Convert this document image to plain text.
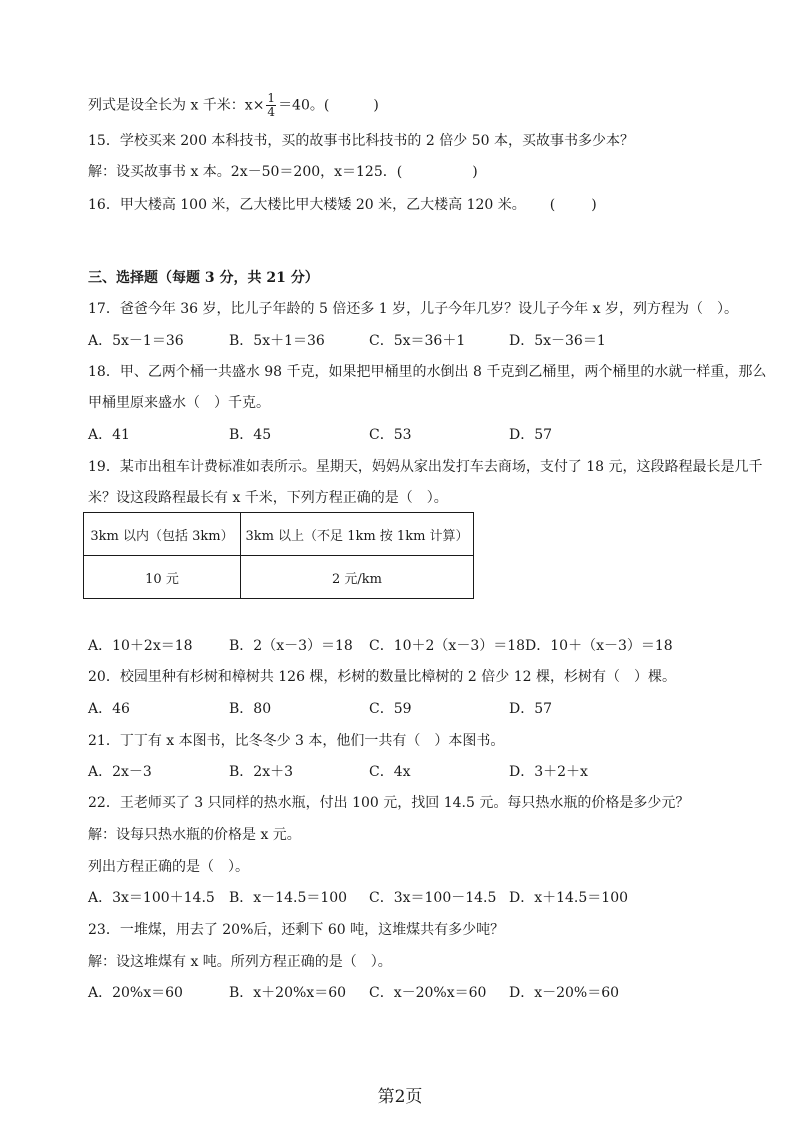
列式是设全长为 x 千米：$x\times \frac{1}{4} =40$。(	)
15．学校买来 200 本科技书，买的故事书比科技书的 2 倍少 50 本，买故事书多少本？
解：设买故事书 x 本。2x－50＝200，x＝125．(	)
16．甲大楼高 100 米，乙大楼比甲大楼矮 20 米，乙大楼高 120 米。 (	)
三、选择题（每题 3 分，共 21 分）
17．爸爸今年 36 岁，比儿子年龄的 5 倍还多 1 岁，儿子今年几岁？设儿子今年 x 岁，列方程为（　）。
A．5x－1＝36	B．5x＋1＝36	C．5x＝36＋1	D．5x－36＝1
18．甲、乙两个桶一共盛水 98 千克，如果把甲桶里的水倒出 8 千克到乙桶里，两个桶里的水就一样重，那么
甲桶里原来盛水（　）千克。
A．41	B．45	C．53	D．57
19．某市出租车计费标准如表所示。星期天，妈妈从家出发打车去商场，支付了 18 元，这段路程最长是几千
米？设这段路程最长有 x 千米，下列方程正确的是（　）。
3km 以内（包括 3km）	3km 以上（不足 1km 按 1km 计算）
10 元	2 元/km
A．10＋2x＝18	B．2（x－3）＝18 C．10＋2（x－3）＝18D．10＋（x－3）＝18
20．校园里种有杉树和樟树共 126 棵，杉树的数量比樟树的 2 倍少 12 棵，杉树有（　）棵。
A．46	B．80	C．59	D．57
21．丁丁有 x 本图书，比冬冬少 3 本，他们一共有（　）本图书。
A．2x－3	B．2x＋3	C．4x	D．3＋2＋x
22．王老师买了 3 只同样的热水瓶，付出 100 元，找回 14.5 元。每只热水瓶的价格是多少元？
解：设每只热水瓶的价格是 x 元。
列出方程正确的是（　）。
A．3x＝100＋14.5 B．x－14.5＝100 C．3x＝100－14.5 D．x＋14.5＝100
23．一堆煤，用去了 20%后，还剩下 60 吨，这堆煤共有多少吨？
解：设这堆煤有 x 吨。所列方程正确的是（　）。
A．20%x＝60	B．x＋20%x＝60 C．x－20%x＝60 D．x－20%＝60
第2页
